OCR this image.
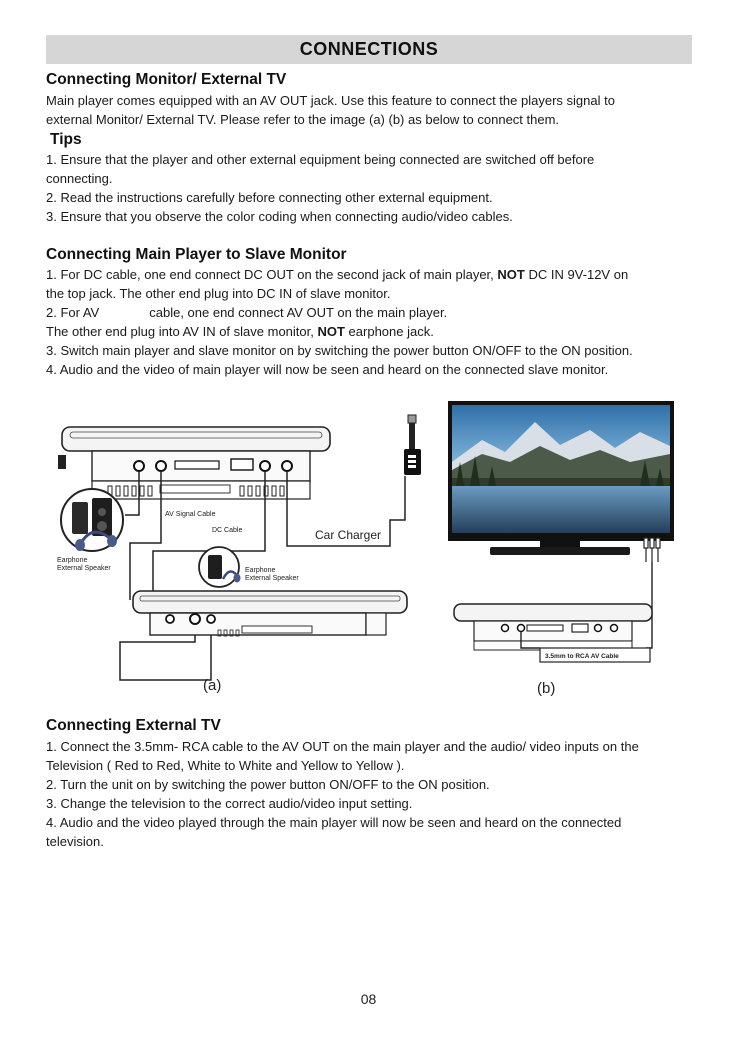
CONNECTIONS
Connecting Monitor/ External TV
Main player comes equipped with an AV OUT jack. Use this feature to connect the players signal to
external Monitor/ External TV. Please refer to the image (a) (b) as below to connect them.
Tips
1. Ensure that the player and other external equipment being connected are switched off before
connecting.
2. Read the instructions carefully before connecting other external equipment.
3. Ensure that you observe the color coding when connecting audio/video cables.
Connecting Main Player to Slave Monitor
1. For DC cable, one end connect DC OUT on the second jack of main player, NOT DC IN 9V-12V on
the top jack. The other end plug into DC IN of slave monitor.
2. For AV	cable, one end connect AV OUT on the main player.
The other end plug into AV IN of slave monitor, NOT earphone jack.
3. Switch main player and slave monitor on by switching the power button ON/OFF to the ON position.
4. Audio and the video of main player will now be seen and heard on the connected slave monitor.
AV Signal Cable
DC Cable	Car Charger
Earphone
External Speaker	Earphone
External Speaker
3.5mm to RCA AV Cable
(a)	(b)
Connecting External TV
1. Connect the 3.5mm- RCA cable to the AV OUT on the main player and the audio/ video inputs on the
Television ( Red to Red, White to White and Yellow to Yellow ).
2. Turn the unit on by switching the power button ON/OFF to the ON position.
3. Change the television to the correct audio/video input setting.
4. Audio and the video played through the main player will now be seen and heard on the connected
television.
08
